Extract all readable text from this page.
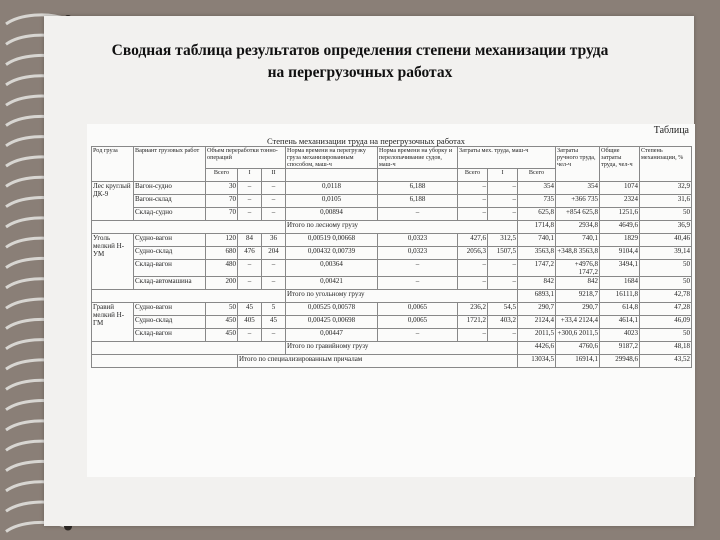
Сводная таблица результатов определения степени механизации труда
на перегрузочных работах
Таблица
Степень механизации труда на перегрузочных работах
Род груза	Вариант грузовых работ	Объем переработки тонно-операций			Норма времени на перегрузку груза механизированным способом, маш-ч	Норма времени на уборку и перелопачивание судов, маш-ч	Затраты мех. труда, маш-ч			Затраты ручного труда, чел-ч	Общие затраты труда, чел-ч	Степень механизации, %
		Всего	I	II			Всего	I	Всего			
Лес круглый ДК-9	Вагон-судно	30	–	–	0,0118	6,188	–	–	354	354	1074	32,9
	Вагон-склад	70	–	–	0,0105	6,188	–	–	735	+366 735	2324	31,6
	Склад-судно	70	–	–	0,00894	–	–	–	625,8	+854 625,8	1251,6	50
					Итого по лесному грузу				1714,8	2934,8	4649,6	36,9
Уголь мелкий Н-УМ	Судно-вагон	120	84	36	0,00519 0,00668	0,0323	427,6	312,5	740,1	740,1	1829	40,46
	Судно-склад	680	476	204	0,00432 0,00739	0,0323	2056,3	1507,5	3563,8	+348,8 3563,8	9104,4	39,14
	Склад-вагон	480	–	–	0,00364	–	–	–	1747,2	+4976,8 1747,2	3494,1	50
	Склад-автомашина	200	–	–	0,00421	–	–	–	842	842	1684	50
					Итого по угольному грузу				6893,1	9218,7	16111,8	42,78
Гравий мелкий Н-ГМ	Судно-вагон	50	45	5	0,00525 0,00578	0,0065	236,2	54,5	290,7	290,7	614,8	47,28
	Судно-склад	450	405	45	0,00425 0,00698	0,0065	1721,2	403,2	2124,4	+33,4 2124,4	4614,1	46,09
	Склад-вагон	450	–	–	0,00447	–	–	–	2011,5	+300,6 2011,5	4023	50
					Итого по гравийному грузу				4426,6	4760,6	9187,2	48,18
			Итого по специализированным причалам						13034,5	16914,1	29948,6	43,52
